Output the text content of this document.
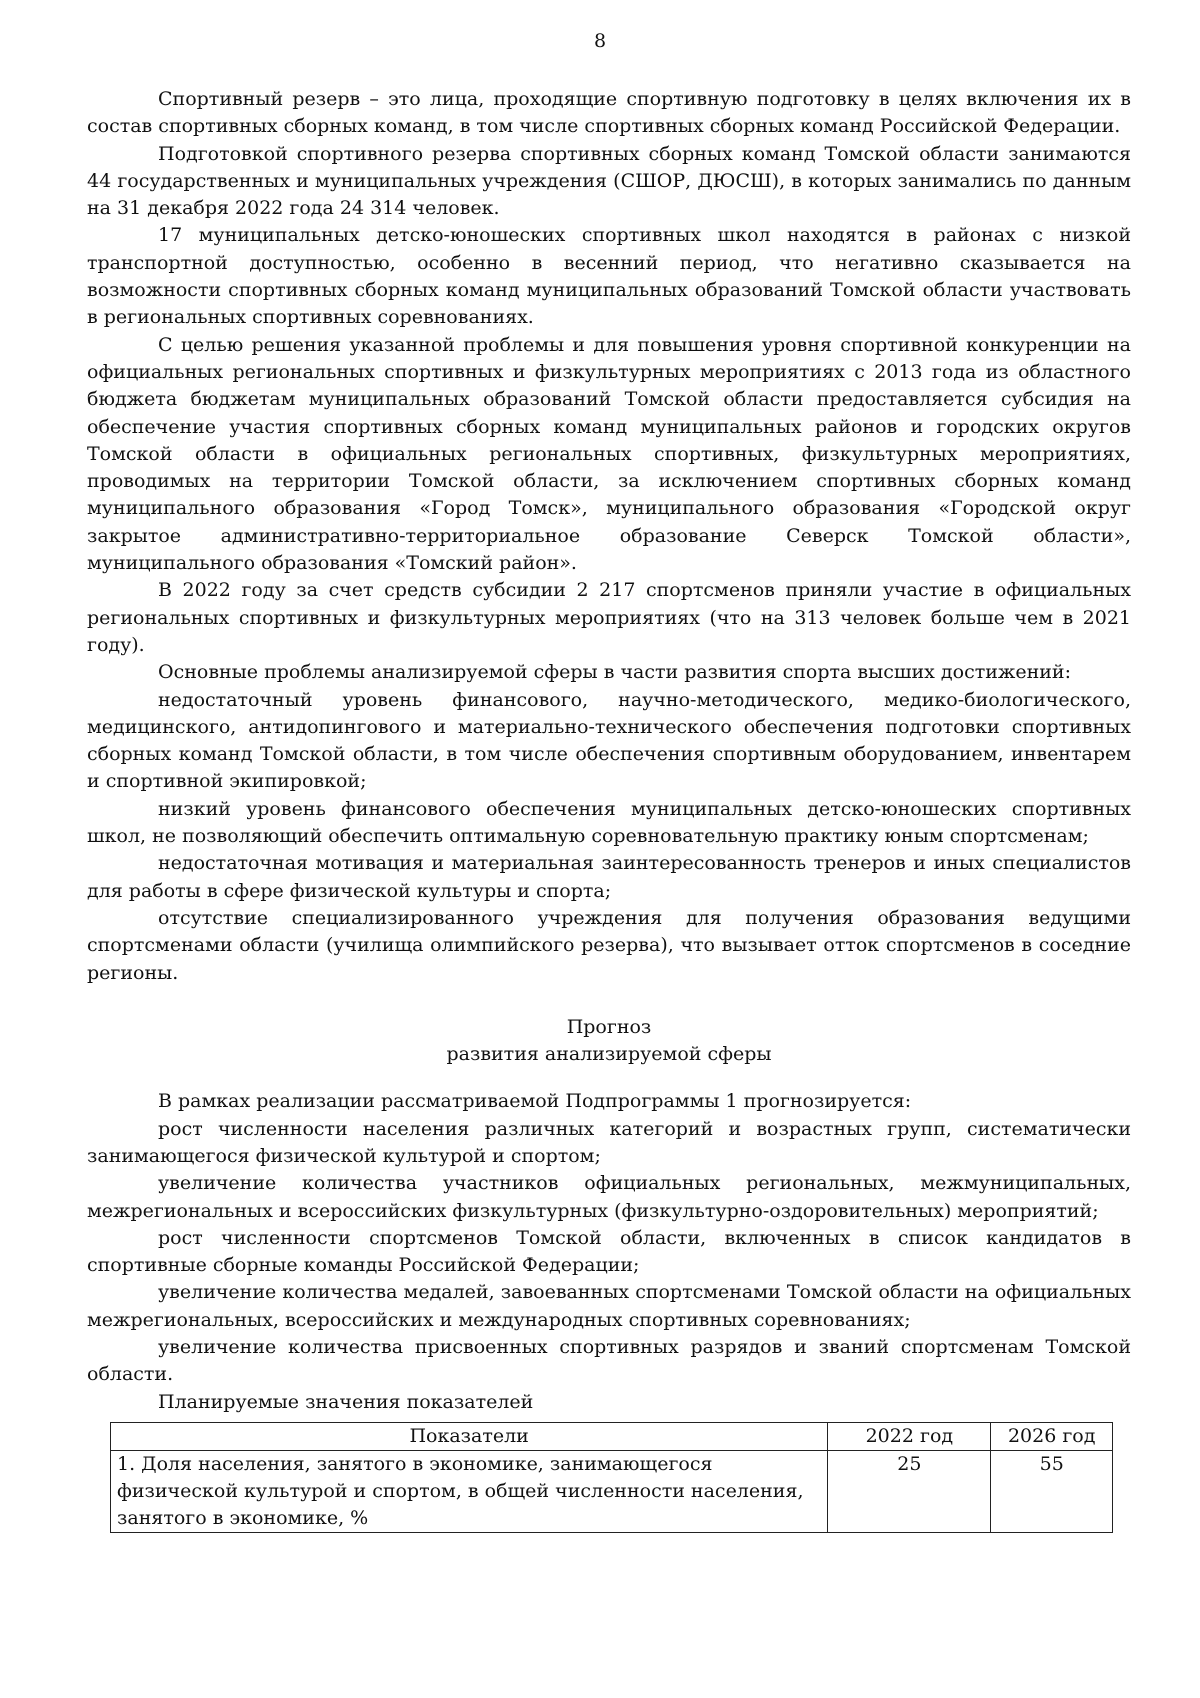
8

Спортивный резерв – это лица, проходящие спортивную подготовку в целях включения их в состав спортивных сборных команд, в том числе спортивных сборных команд Российской Федерации.

Подготовкой спортивного резерва спортивных сборных команд Томской области занимаются 44 государственных и муниципальных учреждения (СШОР, ДЮСШ), в которых занимались по данным на 31 декабря 2022 года 24 314 человек.

17 муниципальных детско-юношеских спортивных школ находятся в районах с низкой транспортной доступностью, особенно в весенний период, что негативно сказывается на возможности спортивных сборных команд муниципальных образований Томской области участвовать в региональных спортивных соревнованиях.

С целью решения указанной проблемы и для повышения уровня спортивной конкуренции на официальных региональных спортивных и физкультурных мероприятиях с 2013 года из областного бюджета бюджетам муниципальных образований Томской области предоставляется субсидия на обеспечение участия спортивных сборных команд муниципальных районов и городских округов Томской области в официальных региональных спортивных, физкультурных мероприятиях, проводимых на территории Томской области, за исключением спортивных сборных команд муниципального образования «Город Томск», муниципального образования «Городской округ закрытое административно-территориальное образование Северск Томской области», муниципального образования «Томский район».

В 2022 году за счет средств субсидии 2 217 спортсменов приняли участие в официальных региональных спортивных и физкультурных мероприятиях (что на 313 человек больше чем в 2021 году).

Основные проблемы анализируемой сферы в части развития спорта высших достижений:

недостаточный уровень финансового, научно-методического, медико-биологического, медицинского, антидопингового и материально-технического обеспечения подготовки спортивных сборных команд Томской области, в том числе обеспечения спортивным оборудованием, инвентарем и спортивной экипировкой;

низкий уровень финансового обеспечения муниципальных детско-юношеских спортивных школ, не позволяющий обеспечить оптимальную соревновательную практику юным спортсменам;

недостаточная мотивация и материальная заинтересованность тренеров и иных специалистов для работы в сфере физической культуры и спорта;

отсутствие специализированного учреждения для получения образования ведущими спортсменами области (училища олимпийского резерва), что вызывает отток спортсменов в соседние регионы.

Прогноз
развития анализируемой сферы

В рамках реализации рассматриваемой Подпрограммы 1 прогнозируется:

рост численности населения различных категорий и возрастных групп, систематически занимающегося физической культурой и спортом;

увеличение количества участников официальных региональных, межмуниципальных, межрегиональных и всероссийских физкультурных (физкультурно-оздоровительных) мероприятий;

рост численности спортсменов Томской области, включенных в список кандидатов в спортивные сборные команды Российской Федерации;

увеличение количества медалей, завоеванных спортсменами Томской области на официальных межрегиональных, всероссийских и международных спортивных соревнованиях;

увеличение количества присвоенных спортивных разрядов и званий спортсменам Томской области.

Планируемые значения показателей

Показатели	2022 год	2026 год
1. Доля населения, занятого в экономике, занимающегося физической культурой и спортом, в общей численности населения, занятого в экономике, %	25	55
